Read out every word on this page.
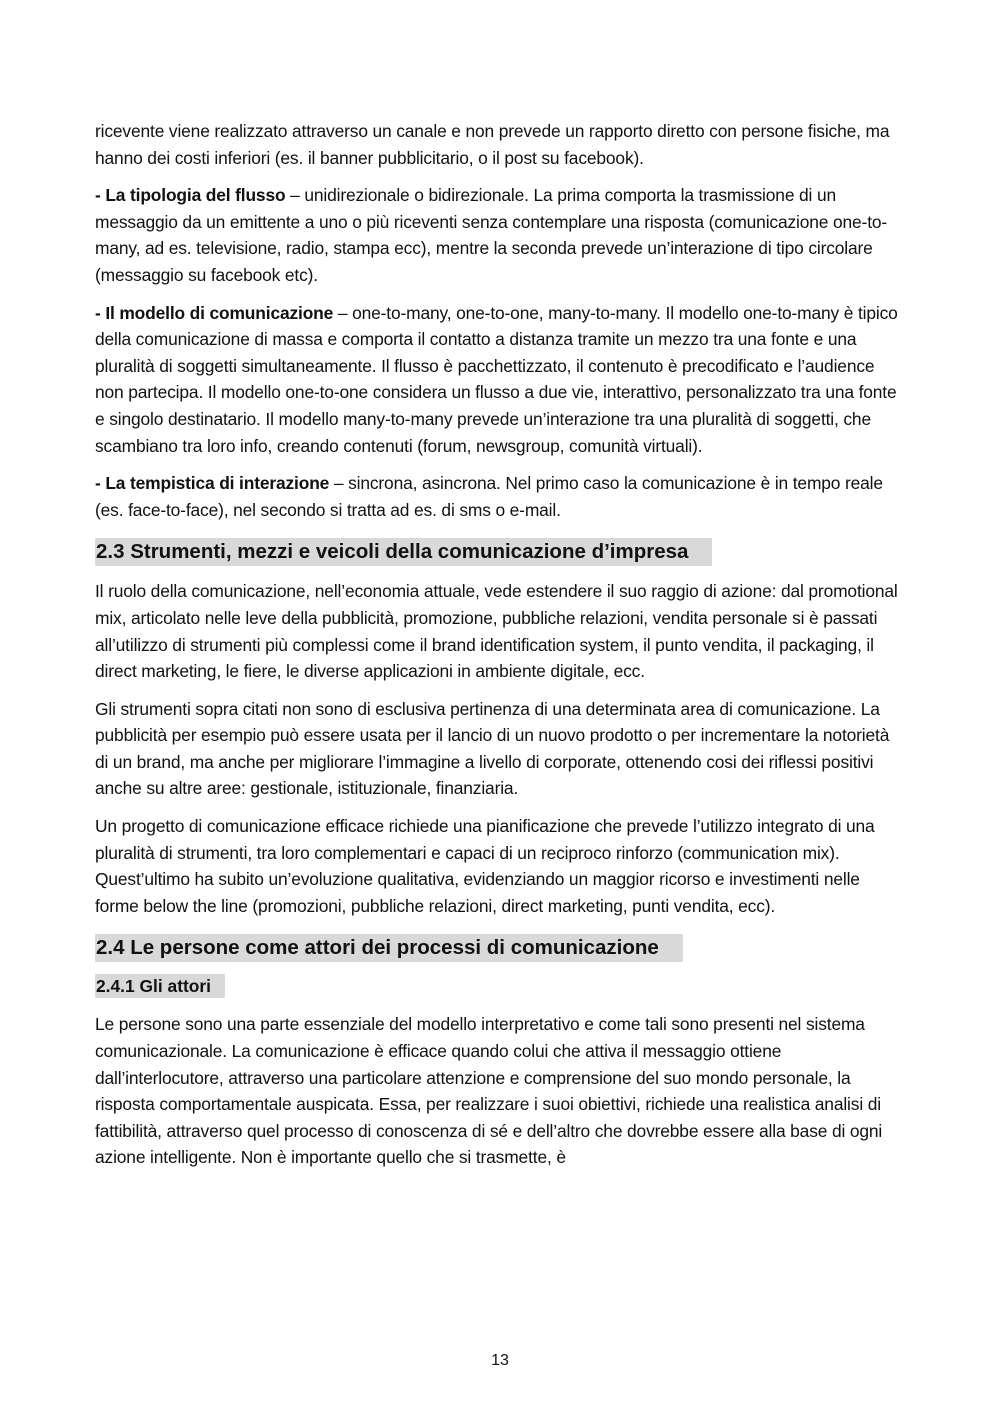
ricevente viene realizzato attraverso un canale e non prevede un rapporto diretto con persone fisiche, ma hanno dei costi inferiori (es. il banner pubblicitario, o il post su facebook).

- La tipologia del flusso – unidirezionale o bidirezionale. La prima comporta la trasmissione di un messaggio da un emittente a uno o più riceventi senza contemplare una risposta (comunicazione one-to-many, ad es. televisione, radio, stampa ecc), mentre la seconda prevede un’interazione di tipo circolare (messaggio su facebook etc).

- Il modello di comunicazione – one-to-many, one-to-one, many-to-many. Il modello one-to-many è tipico della comunicazione di massa e comporta il contatto a distanza tramite un mezzo tra una fonte e una pluralità di soggetti simultaneamente. Il flusso è pacchettizzato, il contenuto è precodificato e l’audience non partecipa. Il modello one-to-one considera un flusso a due vie, interattivo, personalizzato tra una fonte e singolo destinatario. Il modello many-to-many prevede un’interazione tra una pluralità di soggetti, che scambiano tra loro info, creando contenuti (forum, newsgroup, comunità virtuali).

- La tempistica di interazione – sincrona, asincrona. Nel primo caso la comunicazione è in tempo reale (es. face-to-face), nel secondo si tratta ad es. di sms o e-mail.

2.3 Strumenti, mezzi e veicoli della comunicazione d’impresa

Il ruolo della comunicazione, nell’economia attuale, vede estendere il suo raggio di azione: dal promotional mix, articolato nelle leve della pubblicità, promozione, pubbliche relazioni, vendita personale si è passati all’utilizzo di strumenti più complessi come il brand identification system, il punto vendita, il packaging, il direct marketing, le fiere, le diverse applicazioni in ambiente digitale, ecc.

Gli strumenti sopra citati non sono di esclusiva pertinenza di una determinata area di comunicazione. La pubblicità per esempio può essere usata per il lancio di un nuovo prodotto o per incrementare la notorietà di un brand, ma anche per migliorare l’immagine a livello di corporate, ottenendo cosi dei riflessi positivi anche su altre aree: gestionale, istituzionale, finanziaria.

Un progetto di comunicazione efficace richiede una pianificazione che prevede l’utilizzo integrato di una pluralità di strumenti, tra loro complementari e capaci di un reciproco rinforzo (communication mix). Quest’ultimo ha subito un’evoluzione qualitativa, evidenziando un maggior ricorso e investimenti nelle forme below the line (promozioni, pubbliche relazioni, direct marketing, punti vendita, ecc).

2.4 Le persone come attori dei processi di comunicazione
2.4.1 Gli attori

Le persone sono una parte essenziale del modello interpretativo e come tali sono presenti nel sistema comunicazionale. La comunicazione è efficace quando colui che attiva il messaggio ottiene dall’interlocutore, attraverso una particolare attenzione e comprensione del suo mondo personale, la risposta comportamentale auspicata. Essa, per realizzare i suoi obiettivi, richiede una realistica analisi di fattibilità, attraverso quel processo di conoscenza di sé e dell’altro che dovrebbe essere alla base di ogni azione intelligente. Non è importante quello che si trasmette, è

13
